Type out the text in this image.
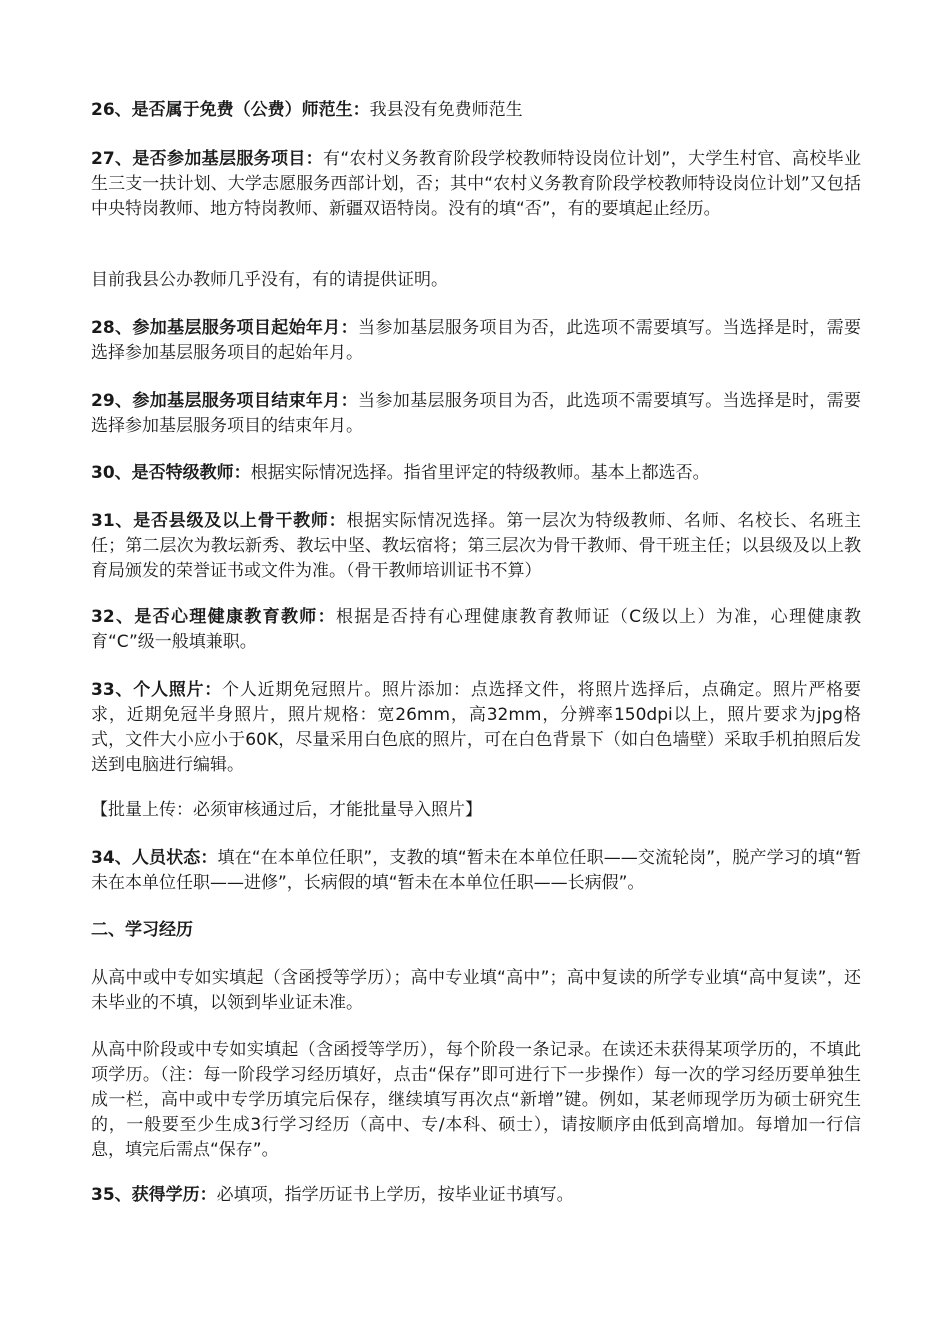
26、是否属于免费（公费）师范生：我县没有免费师范生

27、是否参加基层服务项目：有“农村义务教育阶段学校教师特设岗位计划”，大学生村官、高校毕业生三支一扶计划、大学志愿服务西部计划，否；其中“农村义务教育阶段学校教师特设岗位计划”又包括中央特岗教师、地方特岗教师、新疆双语特岗。没有的填“否”，有的要填起止经历。

目前我县公办教师几乎没有，有的请提供证明。

28、参加基层服务项目起始年月：当参加基层服务项目为否，此选项不需要填写。当选择是时，需要选择参加基层服务项目的起始年月。

29、参加基层服务项目结束年月：当参加基层服务项目为否，此选项不需要填写。当选择是时，需要选择参加基层服务项目的结束年月。

30、是否特级教师：根据实际情况选择。指省里评定的特级教师。基本上都选否。

31、是否县级及以上骨干教师：根据实际情况选择。第一层次为特级教师、名师、名校长、名班主任；第二层次为教坛新秀、教坛中坚、教坛宿将；第三层次为骨干教师、骨干班主任；以县级及以上教育局颁发的荣誉证书或文件为准。（骨干教师培训证书不算）

32、是否心理健康教育教师：根据是否持有心理健康教育教师证（C级以上）为准，心理健康教育“C”级一般填兼职。

33、个人照片：个人近期免冠照片。照片添加：点选择文件，将照片选择后，点确定。照片严格要求，近期免冠半身照片，照片规格：宽26mm，高32mm，分辨率150dpi以上，照片要求为jpg格式，文件大小应小于60K，尽量采用白色底的照片，可在白色背景下（如白色墙壁）采取手机拍照后发送到电脑进行编辑。

【批量上传：必须审核通过后，才能批量导入照片】

34、人员状态：填在“在本单位任职”，支教的填“暂未在本单位任职——交流轮岗”，脱产学习的填“暂未在本单位任职——进修”，长病假的填“暂未在本单位任职——长病假”。

二、学习经历

从高中或中专如实填起（含函授等学历）；高中专业填“高中”；高中复读的所学专业填“高中复读”，还未毕业的不填，以领到毕业证未准。

从高中阶段或中专如实填起（含函授等学历），每个阶段一条记录。在读还未获得某项学历的，不填此项学历。（注：每一阶段学习经历填好，点击“保存”即可进行下一步操作）每一次的学习经历要单独生成一栏，高中或中专学历填完后保存，继续填写再次点“新增”键。例如，某老师现学历为硕士研究生的，一般要至少生成3行学习经历（高中、专/本科、硕士），请按顺序由低到高增加。每增加一行信息，填完后需点“保存”。

35、获得学历：必填项，指学历证书上学历，按毕业证书填写。
